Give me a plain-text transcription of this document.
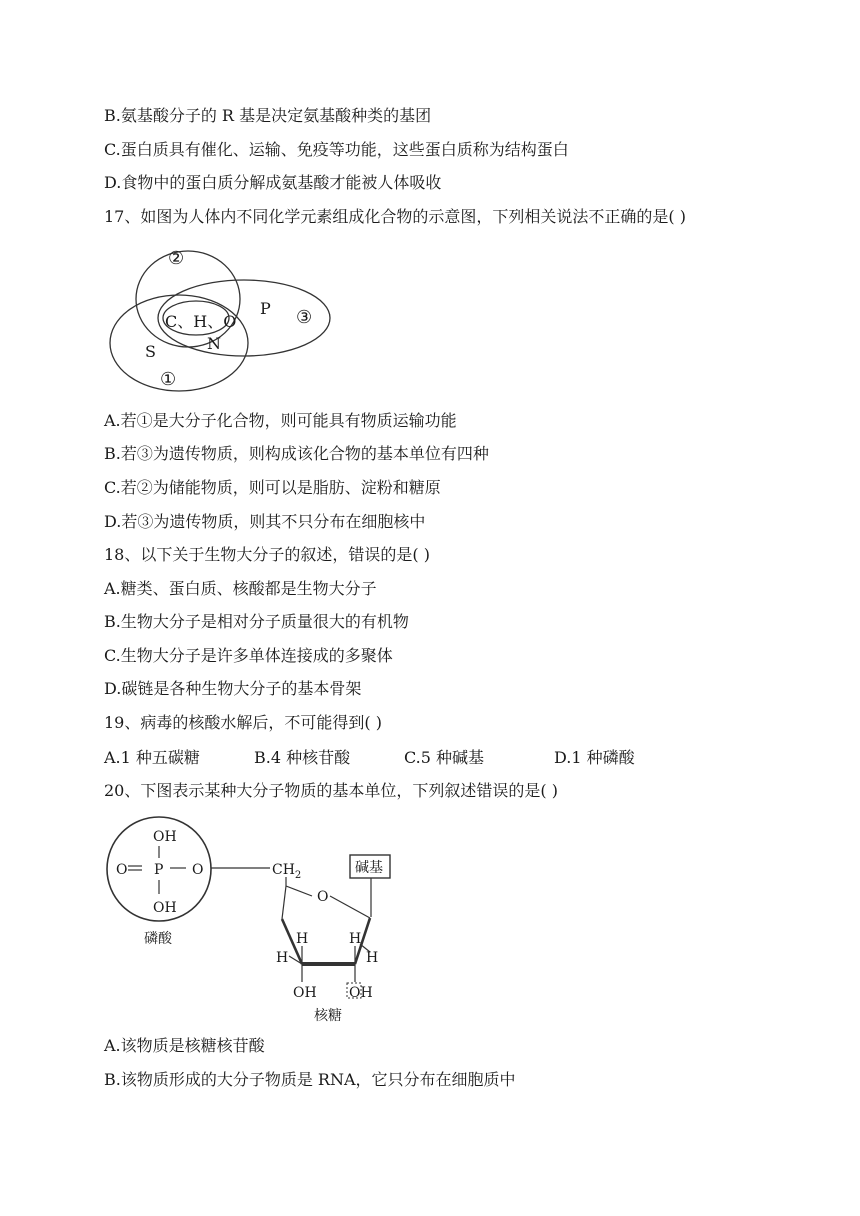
B.氨基酸分子的 R 基是决定氨基酸种类的基团
C.蛋白质具有催化、运输、免疫等功能，这些蛋白质称为结构蛋白
D.食物中的蛋白质分解成氨基酸才能被人体吸收
17、如图为人体内不同化学元素组成化合物的示意图，下列相关说法不正确的是( )
②
③
①
C、H、O
N
P
S
A.若①是大分子化合物，则可能具有物质运输功能
B.若③为遗传物质，则构成该化合物的基本单位有四种
C.若②为储能物质，则可以是脂肪、淀粉和糖原
D.若③为遗传物质，则其不只分布在细胞核中
18、以下关于生物大分子的叙述，错误的是( )
A.糖类、蛋白质、核酸都是生物大分子
B.生物大分子是相对分子质量很大的有机物
C.生物大分子是许多单体连接成的多聚体
D.碳链是各种生物大分子的基本骨架
19、病毒的核酸水解后，不可能得到( )
A.1 种五碳糖	B.4 种核苷酸	C.5 种碱基	D.1 种磷酸
20、下图表示某种大分子物质的基本单位，下列叙述错误的是( )
OH
O P O
OH
磷酸
$CH_2$	碱基
O
H	H
H	H
OH OH
核糖
A.该物质是核糖核苷酸
B.该物质形成的大分子物质是 RNA，它只分布在细胞质中
